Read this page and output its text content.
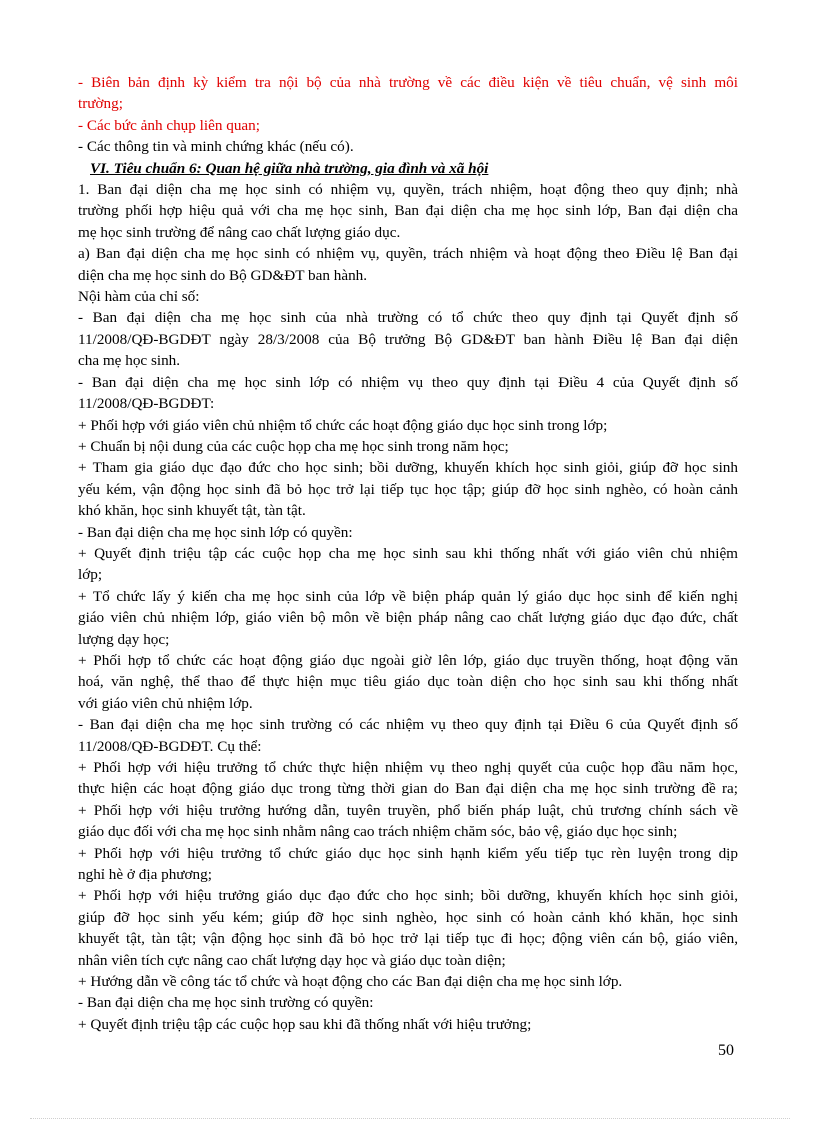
- Biên bản định kỳ kiểm tra nội bộ của nhà trường về các điều kiện về tiêu chuẩn, vệ sinh môi

trường;

- Các bức ảnh chụp liên quan;

- Các thông tin và minh chứng khác (nếu có).

VI. Tiêu chuẩn 6: Quan hệ giữa nhà trường, gia đình và xã hội

1. Ban đại diện cha mẹ học sinh có nhiệm vụ, quyền, trách nhiệm, hoạt động theo quy định; nhà

trường phối hợp hiệu quả với cha mẹ học sinh, Ban đại diện cha mẹ học sinh lớp, Ban đại diện cha

mẹ học sinh trường để nâng cao chất lượng giáo dục.

a) Ban đại diện cha mẹ học sinh có nhiệm vụ, quyền, trách nhiệm và hoạt động theo Điều lệ Ban đại

diện cha mẹ học sinh do Bộ GD&ĐT ban hành.

Nội hàm của chỉ số:

- Ban đại diện cha mẹ học sinh của nhà trường có tổ chức theo quy định tại Quyết định số

11/2008/QĐ-BGDĐT ngày 28/3/2008 của Bộ trưởng Bộ GD&ĐT ban hành Điều lệ Ban đại diện

cha mẹ học sinh.

- Ban đại diện cha mẹ học sinh lớp có nhiệm vụ theo quy định tại Điều 4 của Quyết định số

11/2008/QĐ-BGDĐT:

+ Phối hợp với giáo viên chủ nhiệm tổ chức các hoạt động giáo dục học sinh trong lớp;

+ Chuẩn bị nội dung của các cuộc họp cha mẹ học sinh trong năm học;

+ Tham gia giáo dục đạo đức cho học sinh; bồi dưỡng, khuyến khích học sinh giỏi, giúp đỡ học sinh

yếu kém, vận động học sinh đã bỏ học trở lại tiếp tục học tập; giúp đỡ học sinh nghèo, có hoàn cảnh

khó khăn, học sinh khuyết tật, tàn tật.

- Ban đại diện cha mẹ học sinh lớp có quyền:

+ Quyết định triệu tập các cuộc họp cha mẹ học sinh sau khi thống nhất với giáo viên chủ nhiệm

lớp;

+ Tổ chức lấy ý kiến cha mẹ học sinh của lớp về biện pháp quản lý giáo dục học sinh để kiến nghị

giáo viên chủ nhiệm lớp, giáo viên bộ môn về biện pháp nâng cao chất lượng giáo dục đạo đức, chất

lượng dạy học;

+ Phối hợp tổ chức các hoạt động giáo dục ngoài giờ lên lớp, giáo dục truyền thống, hoạt động văn

hoá, văn nghệ, thể thao để thực hiện mục tiêu giáo dục toàn diện cho học sinh sau khi thống nhất

với giáo viên chủ nhiệm lớp.

- Ban đại diện cha mẹ học sinh trường có các nhiệm vụ theo quy định tại Điều 6 của Quyết định số

11/2008/QĐ-BGDĐT. Cụ thể:

+ Phối hợp với hiệu trưởng tổ chức thực hiện nhiệm vụ theo nghị quyết của cuộc họp đầu năm học,

thực hiện các hoạt động giáo dục trong từng thời gian do Ban đại diện cha mẹ học sinh trường đề ra;

+ Phối hợp với hiệu trưởng hướng dẫn, tuyên truyền, phổ biến pháp luật, chủ trương chính sách về

giáo dục đối với cha mẹ học sinh nhằm nâng cao trách nhiệm chăm sóc, bảo vệ, giáo dục học sinh;

+ Phối hợp với hiệu trưởng tổ chức giáo dục học sinh hạnh kiểm yếu tiếp tục rèn luyện trong dịp

nghỉ hè ở địa phương;

+ Phối hợp với hiệu trưởng giáo dục đạo đức cho học sinh; bồi dưỡng, khuyến khích học sinh giỏi,

giúp đỡ học sinh yếu kém; giúp đỡ học sinh nghèo, học sinh có hoàn cảnh khó khăn, học sinh

khuyết tật, tàn tật; vận động học sinh đã bỏ học trở lại tiếp tục đi học; động viên cán bộ, giáo viên,

nhân viên tích cực nâng cao chất lượng dạy học và giáo dục toàn diện;

+ Hướng dẫn về công tác tổ chức và hoạt động cho các Ban đại diện cha mẹ học sinh lớp.

- Ban đại diện cha mẹ học sinh trường có quyền:

+ Quyết định triệu tập các cuộc họp sau khi đã thống nhất với hiệu trưởng;

50
